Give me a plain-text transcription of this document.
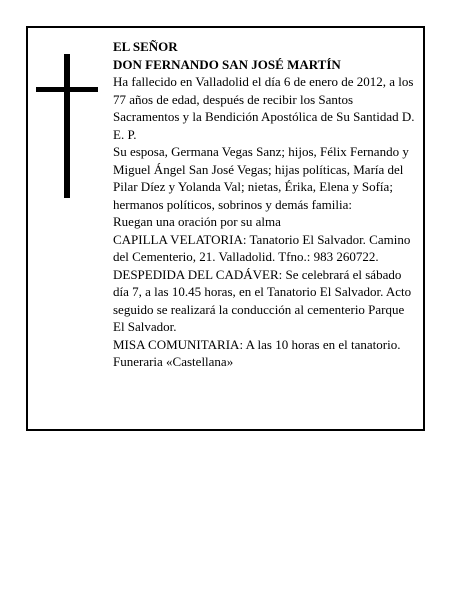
EL SEÑOR

DON FERNANDO SAN JOSÉ MARTÍN

Ha fallecido en Valladolid el día 6 de enero de 2012, a los 77 años de edad, después de recibir los Santos Sacramentos y la Bendición Apostólica de Su Santidad D. E. P.

Su esposa, Germana Vegas Sanz; hijos, Félix Fernando y Miguel Ángel San José Vegas; hijas políticas, María del Pilar Díez y Yolanda Val; nietas, Érika, Elena y Sofía; hermanos políticos, sobrinos y demás familia:

Ruegan una oración por su alma

CAPILLA VELATORIA: Tanatorio El Salvador. Camino del Cementerio, 21. Valladolid. Tfno.: 983 260722.

DESPEDIDA DEL CADÁVER: Se celebrará el sábado día 7, a las 10.45 horas, en el Tanatorio El Salvador. Acto seguido se realizará la conducción al cementerio Parque El Salvador.

MISA COMUNITARIA: A las 10 horas en el tanatorio.

Funeraria «Castellana»
